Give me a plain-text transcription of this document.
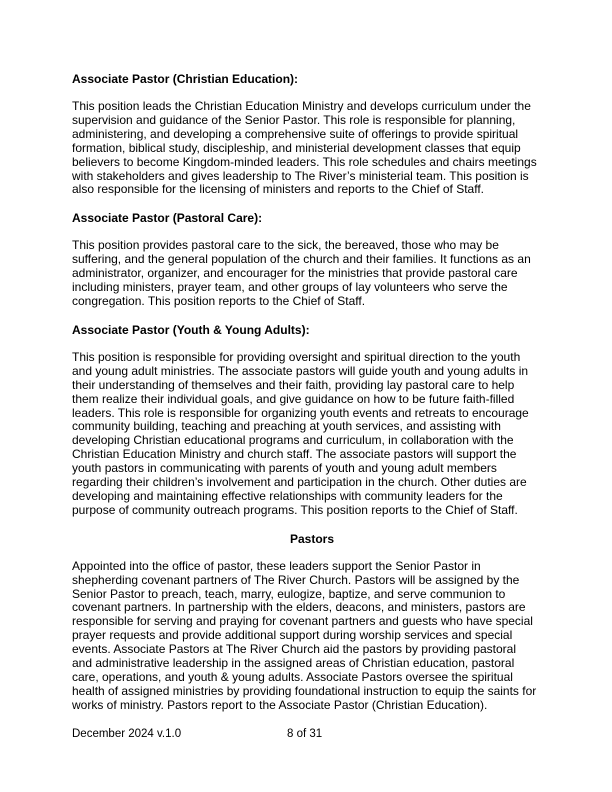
Associate Pastor (Christian Education):
This position leads the Christian Education Ministry and develops curriculum under the
supervision and guidance of the Senior Pastor. This role is responsible for planning,
administering, and developing a comprehensive suite of offerings to provide spiritual
formation, biblical study, discipleship, and ministerial development classes that equip
believers to become Kingdom-minded leaders. This role schedules and chairs meetings
with stakeholders and gives leadership to The River’s ministerial team. This position is
also responsible for the licensing of ministers and reports to the Chief of Staff.
Associate Pastor (Pastoral Care):
This position provides pastoral care to the sick, the bereaved, those who may be
suffering, and the general population of the church and their families. It functions as an
administrator, organizer, and encourager for the ministries that provide pastoral care
including ministers, prayer team, and other groups of lay volunteers who serve the
congregation. This position reports to the Chief of Staff.
Associate Pastor (Youth & Young Adults):
This position is responsible for providing oversight and spiritual direction to the youth
and young adult ministries. The associate pastors will guide youth and young adults in
their understanding of themselves and their faith, providing lay pastoral care to help
them realize their individual goals, and give guidance on how to be future faith-filled
leaders. This role is responsible for organizing youth events and retreats to encourage
community building, teaching and preaching at youth services, and assisting with
developing Christian educational programs and curriculum, in collaboration with the
Christian Education Ministry and church staff. The associate pastors will support the
youth pastors in communicating with parents of youth and young adult members
regarding their children’s involvement and participation in the church. Other duties are
developing and maintaining effective relationships with community leaders for the
purpose of community outreach programs. This position reports to the Chief of Staff.
Pastors
Appointed into the office of pastor, these leaders support the Senior Pastor in
shepherding covenant partners of The River Church. Pastors will be assigned by the
Senior Pastor to preach, teach, marry, eulogize, baptize, and serve communion to
covenant partners. In partnership with the elders, deacons, and ministers, pastors are
responsible for serving and praying for covenant partners and guests who have special
prayer requests and provide additional support during worship services and special
events. Associate Pastors at The River Church aid the pastors by providing pastoral
and administrative leadership in the assigned areas of Christian education, pastoral
care, operations, and youth & young adults. Associate Pastors oversee the spiritual
health of assigned ministries by providing foundational instruction to equip the saints for
works of ministry. Pastors report to the Associate Pastor (Christian Education).
December 2024 v.1.0	8 of 31
